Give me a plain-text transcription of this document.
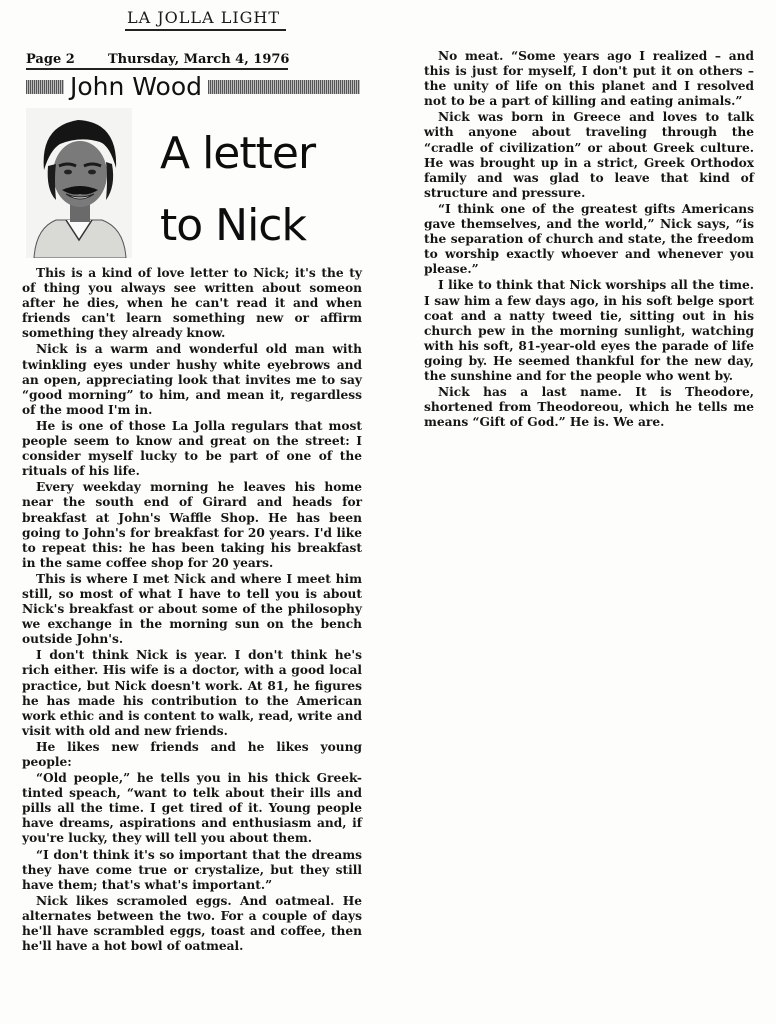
LA JOLLA LIGHT
Page 2	Thursday, March 4, 1976
John Wood
A letter
to Nick

This is a kind of love letter to Nick; it's the ty of thing you always see written about someon after he dies, when he can't read it and when friends can't learn something new or affirm something they already know.

Nick is a warm and wonderful old man with twinkling eyes under hushy white eyebrows and an open, appreciating look that invites me to say “good morning” to him, and mean it, regardless of the mood I'm in.

He is one of those La Jolla regulars that most people seem to know and great on the street: I consider myself lucky to be part of one of the rituals of his life.

Every weekday morning he leaves his home near the south end of Girard and heads for breakfast at John's Waffle Shop. He has been going to John's for breakfast for 20 years. I'd like to repeat this: he has been taking his breakfast in the same coffee shop for 20 years.

This is where I met Nick and where I meet him still, so most of what I have to tell you is about Nick's breakfast or about some of the philosophy we exchange in the morning sun on the bench outside John's.

I don't think Nick is year. I don't think he's rich either. His wife is a doctor, with a good local practice, but Nick doesn't work. At 81, he figures he has made his contribution to the American work ethic and is content to walk, read, write and visit with old and new friends.

He likes new friends and he likes young people:

“Old people,” he tells you in his thick Greek-tinted speach, “want to telk about their ills and pills all the time. I get tired of it. Young people have dreams, aspirations and enthusiasm and, if you're lucky, they will tell you about them.

“I don't think it's so important that the dreams they have come true or crystalize, but they still have them; that's what's important.”

Nick likes scramoled eggs. And oatmeal. He alternates between the two. For a couple of days he'll have scrambled eggs, toast and coffee, then he'll have a hot bowl of oatmeal.

No meat. “Some years ago I realized – and this is just for myself, I don't put it on others – the unity of life on this planet and I resolved not to be a part of killing and eating animals.”

Nick was born in Greece and loves to talk with anyone about traveling through the “cradle of civilization” or about Greek culture. He was brought up in a strict, Greek Orthodox family and was glad to leave that kind of structure and pressure.

“I think one of the greatest gifts Americans gave themselves, and the world,” Nick says, “is the separation of church and state, the freedom to worship exactly whoever and whenever you please.”

I like to think that Nick worships all the time. I saw him a few days ago, in his soft belge sport coat and a natty tweed tie, sitting out in his church pew in the morning sunlight, watching with his soft, 81-year-old eyes the parade of life going by. He seemed thankful for the new day, the sunshine and for the people who went by.

Nick has a last name. It is Theodore, shortened from Theodoreou, which he tells me means “Gift of God.” He is. We are.
